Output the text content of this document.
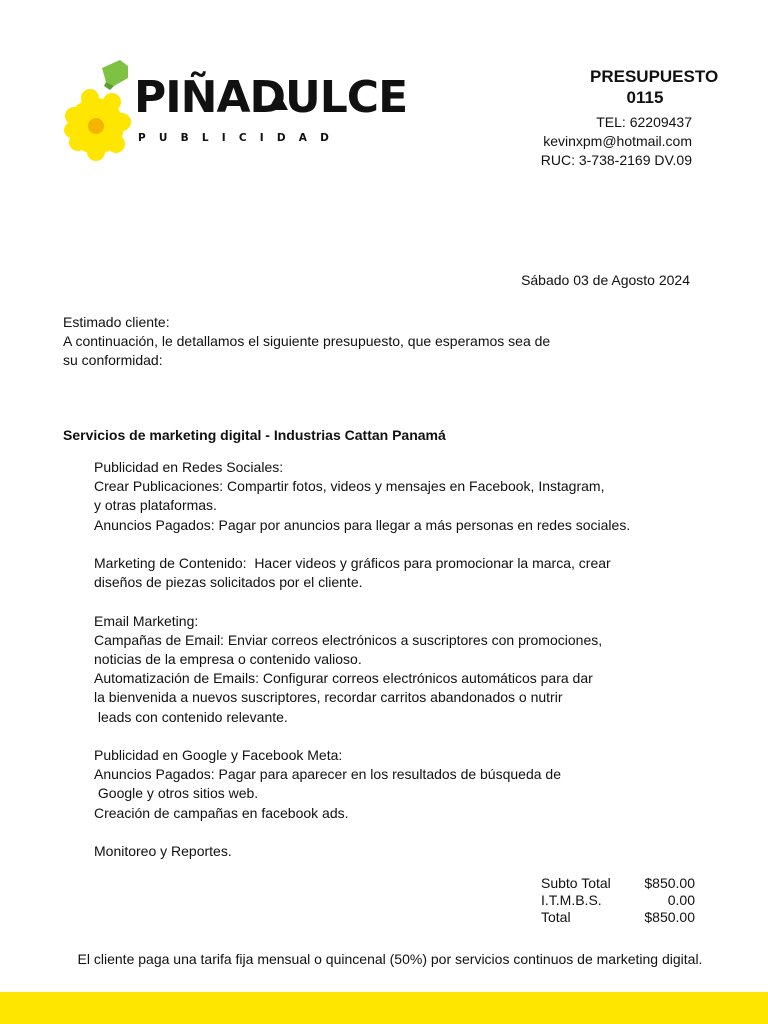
PIÑADULCE
PUBLICIDAD
PRESUPUESTO
0115
TEL: 62209437
kevinxpm@hotmail.com
RUC: 3-738-2169 DV.09
Sábado 03 de Agosto 2024
Estimado cliente:
A continuación, le detallamos el siguiente presupuesto, que esperamos sea de
su conformidad:
Servicios de marketing digital - Industrias Cattan Panamá

Publicidad en Redes Sociales:

Crear Publicaciones: Compartir fotos, videos y mensajes en Facebook, Instagram,

y otras plataformas.

Anuncios Pagados: Pagar por anuncios para llegar a más personas en redes sociales.

Marketing de Contenido:  Hacer videos y gráficos para promocionar la marca, crear

diseños de piezas solicitados por el cliente.

Email Marketing:

Campañas de Email: Enviar correos electrónicos a suscriptores con promociones,

noticias de la empresa o contenido valioso.

Automatización de Emails: Configurar correos electrónicos automáticos para dar

la bienvenida a nuevos suscriptores, recordar carritos abandonados o nutrir

leads con contenido relevante.

Publicidad en Google y Facebook Meta:

Anuncios Pagados: Pagar para aparecer en los resultados de búsqueda de

Google y otros sitios web.

Creación de campañas en facebook ads.

Monitoreo y Reportes.

Subto Total $850.00
I.T.M.B.S.	0.00
Total	$850.00
El cliente paga una tarifa fija mensual o quincenal (50%) por servicios continuos de marketing digital.
